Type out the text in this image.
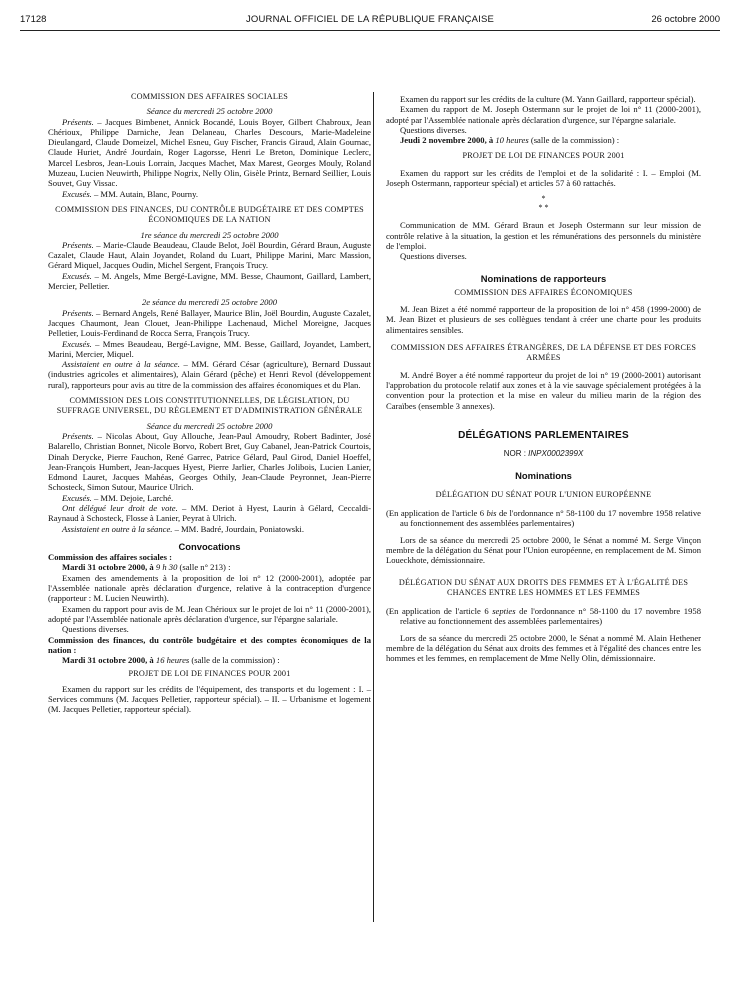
17128	JOURNAL OFFICIEL DE LA RÉPUBLIQUE FRANÇAISE	26 octobre 2000

COMMISSION DES AFFAIRES SOCIALES

Séance du mercredi 25 octobre 2000

Présents. – Jacques Bimbenet, Annick Bocandé, Louis Boyer, Gilbert Chabroux, Jean Chérioux, Philippe Darniche, Jean Delaneau, Charles Descours, Marie-Madeleine Dieulangard, Claude Domeizel, Michel Esneu, Guy Fischer, Francis Giraud, Alain Gournac, Claude Huriet, André Jourdain, Roger Lagorsse, Henri Le Breton, Dominique Leclerc, Marcel Lesbros, Jean-Louis Lorrain, Jacques Machet, Max Marest, Georges Mouly, Roland Muzeau, Lucien Neuwirth, Philippe Nogrix, Nelly Olin, Gisèle Printz, Bernard Seillier, Louis Souvet, Guy Vissac.

Excusés. – MM. Autain, Blanc, Pourny.

COMMISSION DES FINANCES, DU CONTRÔLE BUDGÉTAIRE ET DES COMPTES ÉCONOMIQUES DE LA NATION

1re séance du mercredi 25 octobre 2000

Présents. – Marie-Claude Beaudeau, Claude Belot, Joël Bourdin, Gérard Braun, Auguste Cazalet, Claude Haut, Alain Joyandet, Roland du Luart, Philippe Marini, Marc Massion, Gérard Miquel, Jacques Oudin, Michel Sergent, François Trucy.

Excusés. – M. Angels, Mme Bergé-Lavigne, MM. Besse, Chaumont, Gaillard, Lambert, Mercier, Pelletier.

2e séance du mercredi 25 octobre 2000

Présents. – Bernard Angels, René Ballayer, Maurice Blin, Joël Bourdin, Auguste Cazalet, Jacques Chaumont, Jean Clouet, Jean-Philippe Lachenaud, Michel Moreigne, Jacques Pelletier, Louis-Ferdinand de Rocca Serra, François Trucy.

Excusés. – Mmes Beaudeau, Bergé-Lavigne, MM. Besse, Gaillard, Joyandet, Lambert, Marini, Mercier, Miquel.

Assistaient en outre à la séance. – MM. Gérard César (agriculture), Bernard Dussaut (industries agricoles et alimentaires), Alain Gérard (pêche) et Henri Revol (développement rural), rapporteurs pour avis au titre de la commission des affaires économiques et du Plan.

COMMISSION DES LOIS CONSTITUTIONNELLES, DE LÉGISLATION, DU SUFFRAGE UNIVERSEL, DU RÈGLEMENT ET D'ADMINISTRATION GÉNÉRALE

Séance du mercredi 25 octobre 2000

Présents. – Nicolas About, Guy Allouche, Jean-Paul Amoudry, Robert Badinter, José Balarello, Christian Bonnet, Nicole Borvo, Robert Bret, Guy Cabanel, Jean-Patrick Courtois, Dinah Derycke, Pierre Fauchon, René Garrec, Patrice Gélard, Paul Girod, Daniel Hoeffel, Jean-François Humbert, Jean-Jacques Hyest, Pierre Jarlier, Charles Jolibois, Lucien Lanier, Edmond Lauret, Jacques Mahéas, Georges Othily, Jean-Claude Peyronnet, Jean-Pierre Schosteck, Simon Sutour, Maurice Ulrich.

Excusés. – MM. Dejoie, Larché.

Ont délégué leur droit de vote. – MM. Deriot à Hyest, Laurin à Gélard, Ceccaldi-Raynaud à Schosteck, Flosse à Lanier, Peyrat à Ulrich.

Assistaient en outre à la séance. – MM. Badré, Jourdain, Poniatowski.

Convocations

Commission des affaires sociales :

Mardi 31 octobre 2000, à 9 h 30 (salle n° 213) :

Examen des amendements à la proposition de loi n° 12 (2000-2001), adoptée par l'Assemblée nationale après déclaration d'urgence, relative à la contraception d'urgence (rapporteur : M. Lucien Neuwirth).

Examen du rapport pour avis de M. Jean Chérioux sur le projet de loi n° 11 (2000-2001), adopté par l'Assemblée nationale après déclaration d'urgence, sur l'épargne salariale.

Questions diverses.

Commission des finances, du contrôle budgétaire et des comptes économiques de la nation :

Mardi 31 octobre 2000, à 16 heures (salle de la commission) :

PROJET DE LOI DE FINANCES POUR 2001

Examen du rapport sur les crédits de l'équipement, des transports et du logement : I. – Services communs (M. Jacques Pelletier, rapporteur spécial). – II. – Urbanisme et logement (M. Jacques Pelletier, rapporteur spécial).

Examen du rapport sur les crédits de la culture (M. Yann Gaillard, rapporteur spécial).

Examen du rapport de M. Joseph Ostermann sur le projet de loi n° 11 (2000-2001), adopté par l'Assemblée nationale après déclaration d'urgence, sur l'épargne salariale.

Questions diverses.

Jeudi 2 novembre 2000, à 10 heures (salle de la commission) :

PROJET DE LOI DE FINANCES POUR 2001

Examen du rapport sur les crédits de l'emploi et de la solidarité : I. – Emploi (M. Joseph Ostermann, rapporteur spécial) et articles 57 à 60 rattachés.

*

* *

Communication de MM. Gérard Braun et Joseph Ostermann sur leur mission de contrôle relative à la situation, la gestion et les rémunérations des personnels du ministère de l'emploi.

Questions diverses.

Nominations de rapporteurs

COMMISSION DES AFFAIRES ÉCONOMIQUES

M. Jean Bizet a été nommé rapporteur de la proposition de loi n° 458 (1999-2000) de M. Jean Bizet et plusieurs de ses collègues tendant à créer une charte pour les produits alimentaires sensibles.

COMMISSION DES AFFAIRES ÉTRANGÈRES, DE LA DÉFENSE ET DES FORCES ARMÉES

M. André Boyer a été nommé rapporteur du projet de loi n° 19 (2000-2001) autorisant l'approbation du protocole relatif aux zones et à la vie sauvage spécialement protégées à la convention pour la protection et la mise en valeur du milieu marin de la région des Caraïbes (ensemble 3 annexes).

DÉLÉGATIONS PARLEMENTAIRES

NOR : INPX0002399X

Nominations

DÉLÉGATION DU SÉNAT POUR L'UNION EUROPÉENNE

(En application de l'article 6 bis de l'ordonnance n° 58-1100 du 17 novembre 1958 relative au fonctionnement des assemblées parlementaires)

Lors de sa séance du mercredi 25 octobre 2000, le Sénat a nommé M. Serge Vinçon membre de la délégation du Sénat pour l'Union européenne, en remplacement de M. Simon Loueckhote, démissionnaire.

DÉLÉGATION DU SÉNAT AUX DROITS DES FEMMES ET À L'ÉGALITÉ DES CHANCES ENTRE LES HOMMES ET LES FEMMES

(En application de l'article 6 septies de l'ordonnance n° 58-1100 du 17 novembre 1958 relative au fonctionnement des assemblées parlementaires)

Lors de sa séance du mercredi 25 octobre 2000, le Sénat a nommé M. Alain Hethener membre de la délégation du Sénat aux droits des femmes et à l'égalité des chances entre les hommes et les femmes, en remplacement de Mme Nelly Olin, démissionnaire.
